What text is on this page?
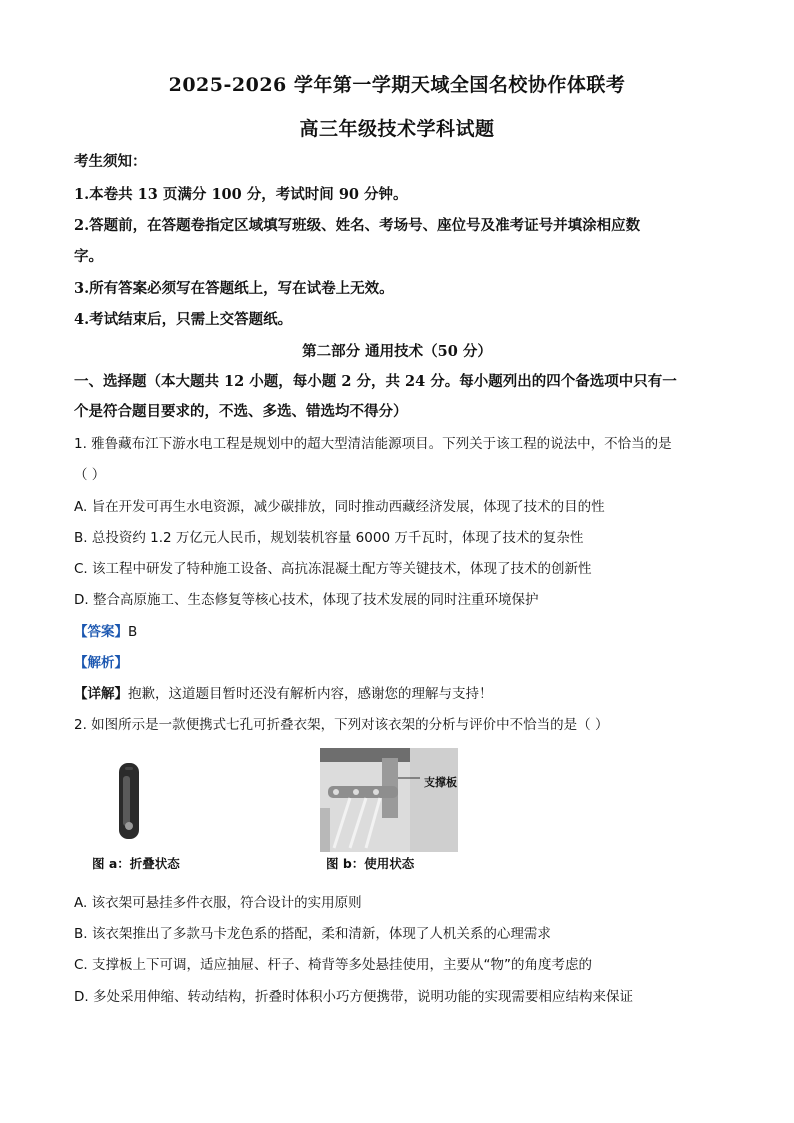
2025-2026 学年第一学期天域全国名校协作体联考
高三年级技术学科试题
考生须知：
1.本卷共 13 页满分 100 分，考试时间 90 分钟。
2.答题前，在答题卷指定区域填写班级、姓名、考场号、座位号及准考证号并填涂相应数
字。
3.所有答案必须写在答题纸上，写在试卷上无效。
4.考试结束后，只需上交答题纸。
第二部分 通用技术（50 分）
一、选择题（本大题共 12 小题，每小题 2 分，共 24 分。每小题列出的四个备选项中只有一
个是符合题目要求的，不选、多选、错选均不得分）
1. 雅鲁藏布江下游水电工程是规划中的超大型清洁能源项目。下列关于该工程的说法中，不恰当的是
（ ）
A. 旨在开发可再生水电资源，减少碳排放，同时推动西藏经济发展，体现了技术的目的性
B. 总投资约 1.2 万亿元人民币，规划装机容量 6000 万千瓦时，体现了技术的复杂性
C. 该工程中研发了特种施工设备、高抗冻混凝土配方等关键技术，体现了技术的创新性
D. 整合高原施工、生态修复等核心技术，体现了技术发展的同时注重环境保护
【答案】B
【解析】
【详解】抱歉，这道题目暂时还没有解析内容，感谢您的理解与支持！
2. 如图所示是一款便携式七孔可折叠衣架，下列对该衣架的分析与评价中不恰当的是（ ）
图 a：折叠状态
支撑板
图 b：使用状态
A. 该衣架可悬挂多件衣服，符合设计的实用原则
B. 该衣架推出了多款马卡龙色系的搭配，柔和清新，体现了人机关系的心理需求
C. 支撑板上下可调，适应抽屉、杆子、椅背等多处悬挂使用，主要从“物”的角度考虑的
D. 多处采用伸缩、转动结构，折叠时体积小巧方便携带，说明功能的实现需要相应结构来保证
